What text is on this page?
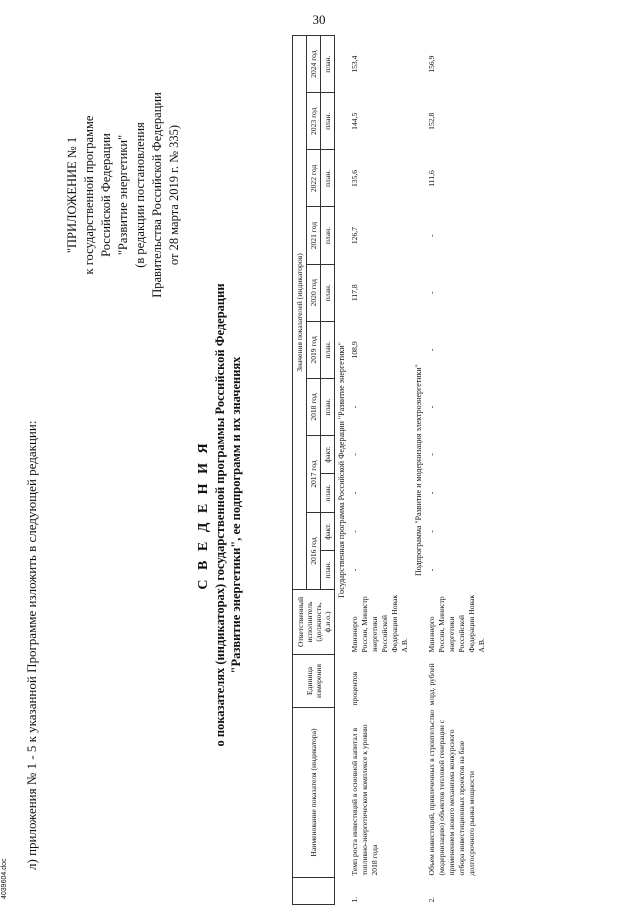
30
л) приложения № 1 - 5 к указанной Программе изложить в следующей редакции:
"ПРИЛОЖЕНИЕ № 1 к государственной программе Российской Федерации "Развитие энергетики" (в редакции постановления Правительства Российской Федерации от 28 марта 2019 г. № 335)
С В Е Д Е Н И Я о показателях (индикаторах) государственной программы Российской Федерации "Развитие энергетики", ее подпрограмм и их значениях
	Наименование показателя (индикатора)	Единица измерения	Ответственный исполнитель (должность, ф.и.о.)	Значения показателей (индикаторов)										
				2016 год		2017 год		2018 год	2019 год	2020 год	2021 год	2022 год	2023 год	2024 год
				план.	факт.	план.	факт.	план.	план.	план.	план.	план.	план.	план.
Государственная программа Российской Федерации "Развитие энергетики"														
1.	Темп роста инвестиций в основной капитал в топливно-энергетическом комплексе к уровню 2018 года	процентов	Минэнерго России, Министр энергетики Российской Федерации Новак А.В.	-	-	-	-	-	108,9	117,8	126,7	135,6	144,5	153,4
Подпрограмма "Развитие и модернизация электроэнергетики"														
2.	Объем инвестиций, привлеченных в строительство (модернизацию) объектов тепловой генерации с применением нового механизма конкурсного отбора инвестиционных проектов на базе долгосрочного рынка мощности	млрд. рублей	Минэнерго России, Министр энергетики Российской Федерации Новак А.В.	-	-	-	-	-	-	-	-	111,6	152,8	156,9
4039604.doc
